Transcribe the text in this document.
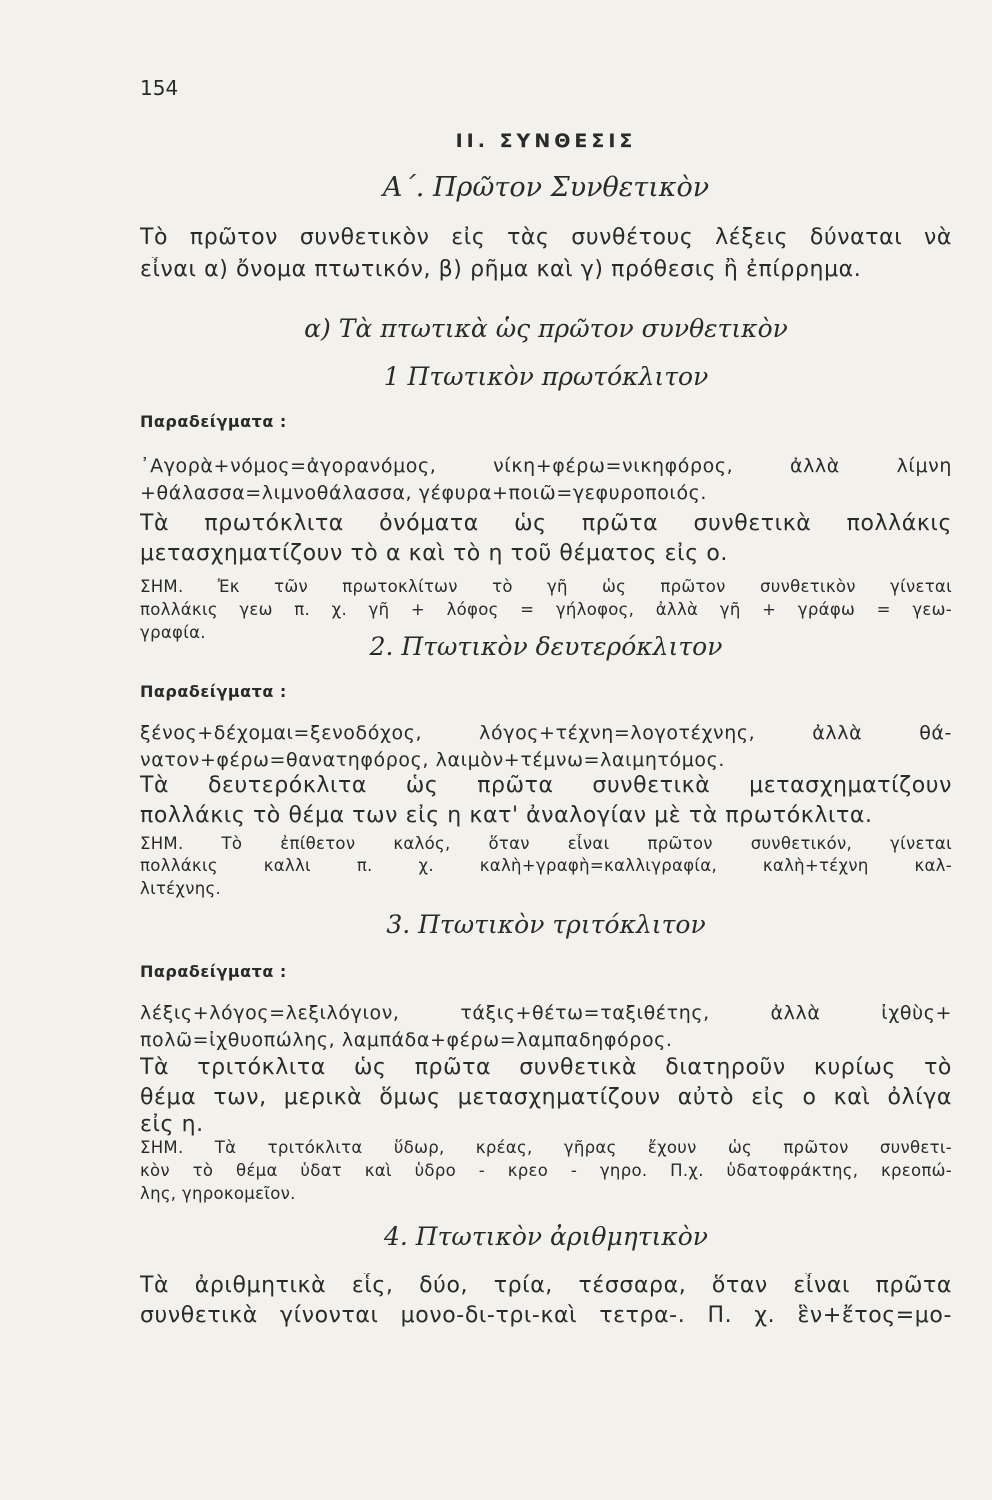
154
II. ΣΥΝΘΕΣΙΣ
Α΄. Πρῶτον Συνθετικὸν
Τὸ πρῶτον συνθετικὸν εἰς τὰς συνθέτους λέξεις δύναται νὰ
εἶναι α) ὄνομα πτωτικόν, β) ρῆμα καὶ γ) πρόθεσις ἢ ἐπίρρημα.
α) Τὰ πτωτικὰ ὡς πρῶτον συνθετικὸν
1 Πτωτικὸν πρωτόκλιτον
Παραδείγματα :
᾿Αγορὰ+νόμος=ἀγορανόμος, νίκη+φέρω=νικηφόρος, ἀλλὰ λίμνη
+θάλασσα=λιμνοθάλασσα, γέφυρα+ποιῶ=γεφυροποιός.
Τὰ πρωτόκλιτα ὀνόματα ὡς πρῶτα συνθετικὰ πολλάκις
μετασχηματίζουν τὸ α καὶ τὸ η τοῦ θέματος εἰς ο.
ΣΗΜ. Ἐκ τῶν πρωτοκλίτων τὸ γῆ ὡς πρῶτον συνθετικὸν γίνεται
πολλάκις γεω π. χ. γῆ + λόφος = γήλοφος, ἀλλὰ γῆ + γράφω = γεω-
γραφία.	2. Πτωτικὸν δευτερόκλιτον
Παραδείγματα :
ξένος+δέχομαι=ξενοδόχος, λόγος+τέχνη=λογοτέχνης, ἀλλὰ θά-
νατον+φέρω=θανατηφόρος, λαιμὸν+τέμνω=λαιμητόμος.
Τὰ δευτερόκλιτα ὡς πρῶτα συνθετικὰ μετασχηματίζουν
πολλάκις τὸ θέμα των εἰς η κατ' ἀναλογίαν μὲ τὰ πρωτόκλιτα.
ΣΗΜ. Τὸ ἐπίθετον καλός, ὅταν εἶναι πρῶτον συνθετικόν, γίνεται
πολλάκις καλλι π. χ. καλὴ+γραφὴ=καλλιγραφία, καλὴ+τέχνη καλ-
λιτέχνης.
3. Πτωτικὸν τριτόκλιτον
Παραδείγματα :
λέξις+λόγος=λεξιλόγιον, τάξις+θέτω=ταξιθέτης, ἀλλὰ ἰχθὺς+
πολῶ=ἰχθυοπώλης, λαμπάδα+φέρω=λαμπαδηφόρος.
Τὰ τριτόκλιτα ὡς πρῶτα συνθετικὰ διατηροῦν κυρίως τὸ
θέμα των, μερικὰ ὅμως μετασχηματίζουν αὐτὸ εἰς ο καὶ ὀλίγα
εἰς η.
ΣΗΜ. Τὰ τριτόκλιτα ὕδωρ, κρέας, γῆρας ἔχουν ὡς πρῶτον συνθετι-
κὸν τὸ θέμα ὑδατ καὶ ὑδρο - κρεο - γηρο. Π.χ. ὑδατοφράκτης, κρεοπώ-
λης, γηροκομεῖον.
4. Πτωτικὸν ἀριθμητικὸν
Τὰ ἀριθμητικὰ εἷς, δύο, τρία, τέσσαρα, ὅταν εἶναι πρῶτα
συνθετικὰ γίνονται μονο-δι-τρι-καὶ τετρα-. Π. χ. ἓν+ἔτος=μο-
